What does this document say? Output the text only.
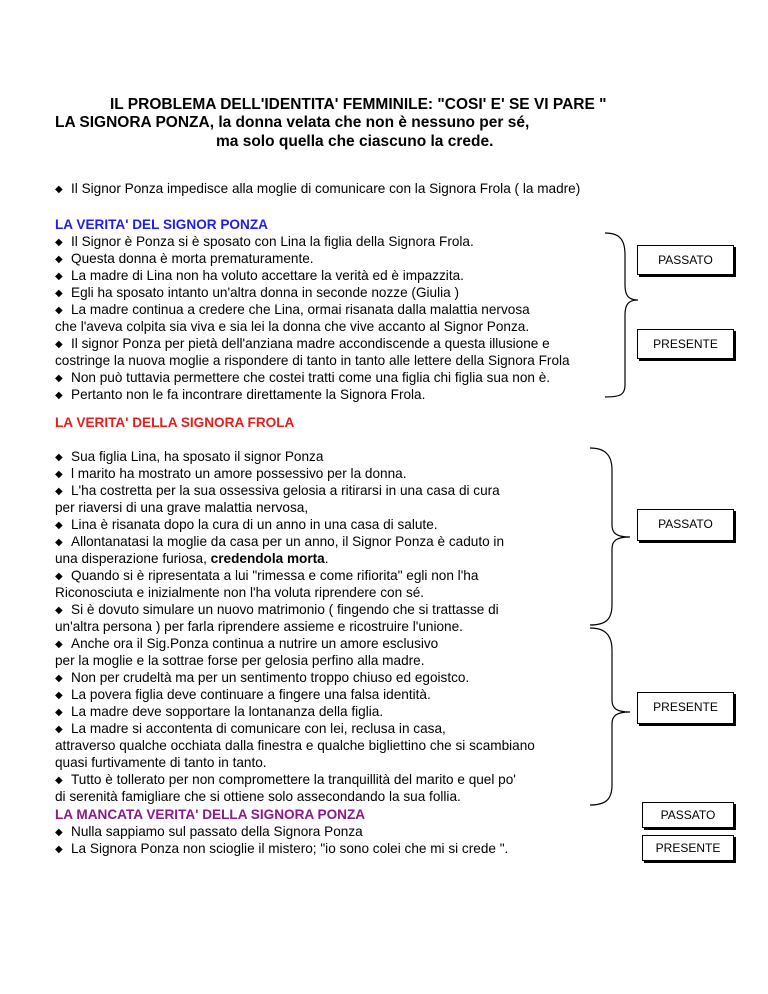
IL PROBLEMA DELL'IDENTITA' FEMMINILE: "COSI' E' SE VI PARE "
LA SIGNORA PONZA, la donna velata che non è nessuno per sé,
ma solo quella che ciascuno la crede.
◆ Il Signor Ponza impedisce alla moglie di comunicare con la Signora Frola ( la madre)
LA VERITA' DEL SIGNOR PONZA
◆ Il Signor è Ponza si è sposato con Lina la figlia della Signora Frola.
◆ Questa donna è morta prematuramente.
◆ La madre di Lina non ha voluto accettare la verità ed è impazzita.
◆ Egli ha sposato intanto un'altra donna in seconde nozze (Giulia )
◆ La madre continua a credere che Lina, ormai risanata dalla malattia nervosa
che l'aveva colpita sia viva e sia lei la donna che vive accanto al Signor Ponza.
◆ Il signor Ponza per pietà dell'anziana madre accondiscende a questa illusione e
costringe la nuova moglie a rispondere di tanto in tanto alle lettere della Signora Frola
◆ Non può tuttavia permettere che costei tratti come una figlia chi figlia sua non è.
◆ Pertanto non le fa incontrare direttamente la Signora Frola.
PASSATO
PRESENTE
LA VERITA' DELLA SIGNORA FROLA
◆ Sua figlia Lina, ha sposato il signor Ponza
◆ l marito ha mostrato un amore possessivo per la donna.
◆ L'ha costretta per la sua ossessiva gelosia a ritirarsi in una casa di cura
per riaversi di una grave malattia nervosa,
◆ Lina è risanata dopo la cura di un anno in una casa di salute.
◆ Allontanatasi la moglie da casa per un anno, il Signor Ponza è caduto in
una disperazione furiosa, credendola morta.
◆ Quando si è ripresentata a lui "rimessa e come rifiorita" egli non l'ha
Riconosciuta e inizialmente non l'ha voluta riprendere con sé.
◆ Si è dovuto simulare un nuovo matrimonio ( fingendo che si trattasse di
un'altra persona ) per farla riprendere assieme e ricostruire l'unione.
◆ Anche ora il Sig.Ponza continua a nutrire un amore esclusivo
per la moglie e la sottrae forse per gelosia perfino alla madre.
◆ Non per crudeltà ma per un sentimento troppo chiuso ed egoistco.
◆ La povera figlia deve continuare a fingere una falsa identità.
◆ La madre deve sopportare la lontananza della figlia.
◆ La madre si accontenta di comunicare con lei, reclusa in casa,
attraverso qualche occhiata dalla finestra e qualche bigliettino che si scambiano
quasi furtivamente di tanto in tanto.
◆ Tutto è tollerato per non compromettere la tranquillità del marito e quel po'
di serenità famigliare che si ottiene solo assecondando la sua follia.
PASSATO
PRESENTE
LA MANCATA VERITA' DELLA SIGNORA PONZA
◆ Nulla sappiamo sul passato della Signora Ponza
◆ La Signora Ponza non scioglie il mistero; "io sono colei che mi si crede ".
PASSATO
PRESENTE
